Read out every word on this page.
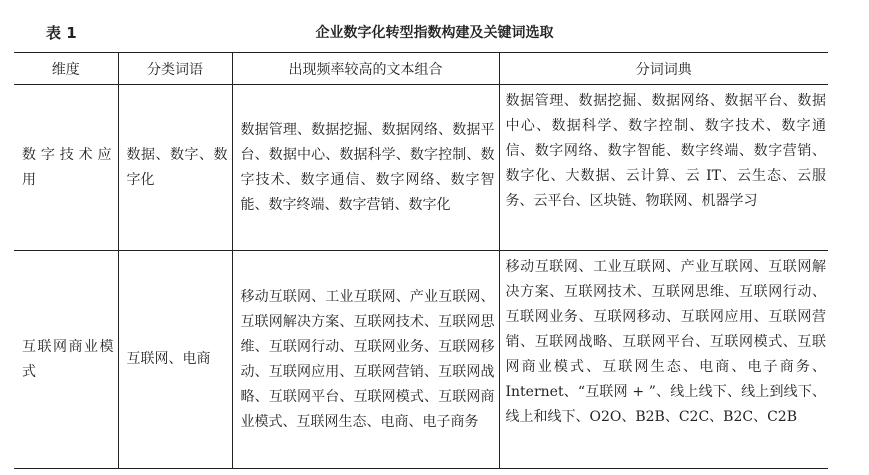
表 1	企业数字化转型指数构建及关键词选取
维度	分类词语	出现频率较高的文本组合	分词词典
数字技术应用	数据、数字、数字化	数据管理、数据挖掘、数据网络、数据平台、数据中心、数据科学、数字控制、数字技术、数字通信、数字网络、数字智能、数字终端、数字营销、数字化	数据管理、数据挖掘、数据网络、数据平台、数据中心、数据科学、数字控制、数字技术、数字通信、数字网络、数字智能、数字终端、数字营销、数字化、大数据、云计算、云 IT、云生态、云服务、云平台、区块链、物联网、机器学习
互联网商业模式	互联网、电商	移动互联网、工业互联网、产业互联网、互联网解决方案、互联网技术、互联网思维、互联网行动、互联网业务、互联网移动、互联网应用、互联网营销、互联网战略、互联网平台、互联网模式、互联网商业模式、互联网生态、电商、电子商务	移动互联网、工业互联网、产业互联网、互联网解决方案、互联网技术、互联网思维、互联网行动、互联网业务、互联网移动、互联网应用、互联网营销、互联网战略、互联网平台、互联网模式、互联网商业模式、互联网生态、电商、电子商务、Internet、“互联网 + ”、线上线下、线上到线下、线上和线下、O2O、B2B、C2C、B2C、C2B
